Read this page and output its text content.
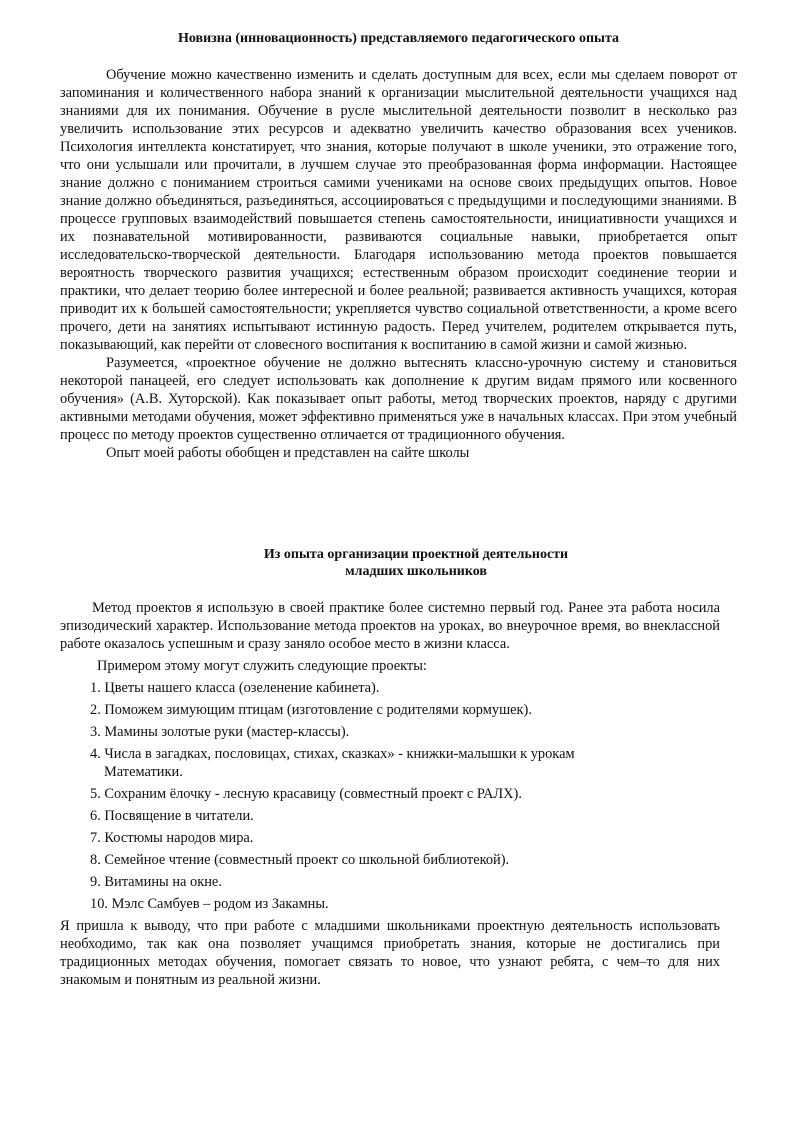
Новизна (инновационность) представляемого педагогического опыта

Обучение можно качественно изменить и сделать доступным для всех, если мы сделаем поворот от запоминания и количественного набора знаний к организации мыслительной деятельности учащихся над знаниями для их понимания. Обучение в русле мыслительной деятельности позволит в несколько раз увеличить использование этих ресурсов и адекватно увеличить качество образования всех учеников. Психология интеллекта констатирует, что знания, которые получают в школе ученики, это отражение того, что они услышали или прочитали, в лучшем случае это преобразованная форма информации. Настоящее знание должно с пониманием строиться самими учениками на основе своих предыдущих опытов. Новое знание должно объединяться, разъединяться, ассоциироваться с предыдущими и последующими знаниями. В процессе групповых взаимодействий повышается степень самостоятельности, инициативности учащихся и их познавательной мотивированности, развиваются социальные навыки, приобретается опыт исследовательско-творческой деятельности. Благодаря использованию метода проектов повышается вероятность творческого развития учащихся; естественным образом происходит соединение теории и практики, что делает теорию более интересной и более реальной; развивается активность учащихся, которая приводит их к большей самостоятельности; укрепляется чувство социальной ответственности, а кроме всего прочего, дети на занятиях испытывают истинную радость. Перед учителем, родителем открывается путь, показывающий, как перейти от словесного воспитания к воспитанию в самой жизни и самой жизнью.

Разумеется, «проектное обучение не должно вытеснять классно-урочную систему и становиться некоторой панацеей, его следует использовать как дополнение к другим видам прямого или косвенного обучения» (А.В. Хуторской). Как показывает опыт работы, метод творческих проектов, наряду с другими активными методами обучения, может эффективно применяться уже в начальных классах. При этом учебный процесс по методу проектов существенно отличается от традиционного обучения.

Опыт моей работы обобщен и представлен на сайте школы

Из опыта организации проектной деятельности
младших школьников

Метод проектов я использую в своей практике более системно первый год. Ранее эта работа носила эпизодический характер. Использование метода проектов на уроках, во внеурочное время, во внеклассной работе оказалось успешным и сразу заняло особое место в жизни класса.

Примером этому могут служить следующие проекты:

1. Цветы нашего класса (озеленение кабинета).
2. Поможем зимующим птицам (изготовление с родителями кормушек).
3. Мамины золотые руки (мастер-классы).
4. Числа в загадках, пословицах, стихах, сказках» - книжки-малышки к урокам
Математики.
5. Сохраним ёлочку - лесную красавицу (совместный проект с РАЛХ).
6. Посвящение в читатели.
7. Костюмы народов мира.
8. Семейное чтение (совместный проект со школьной библиотекой).
9. Витамины на окне.
10. Мэлс Самбуев – родом из Закамны.

Я пришла к выводу, что при работе с младшими школьниками проектную деятельность использовать необходимо, так как она позволяет учащимся приобретать знания, которые не достигались при традиционных методах обучения, помогает связать то новое, что узнают ребята, с чем–то для них знакомым и понятным из реальной жизни.
